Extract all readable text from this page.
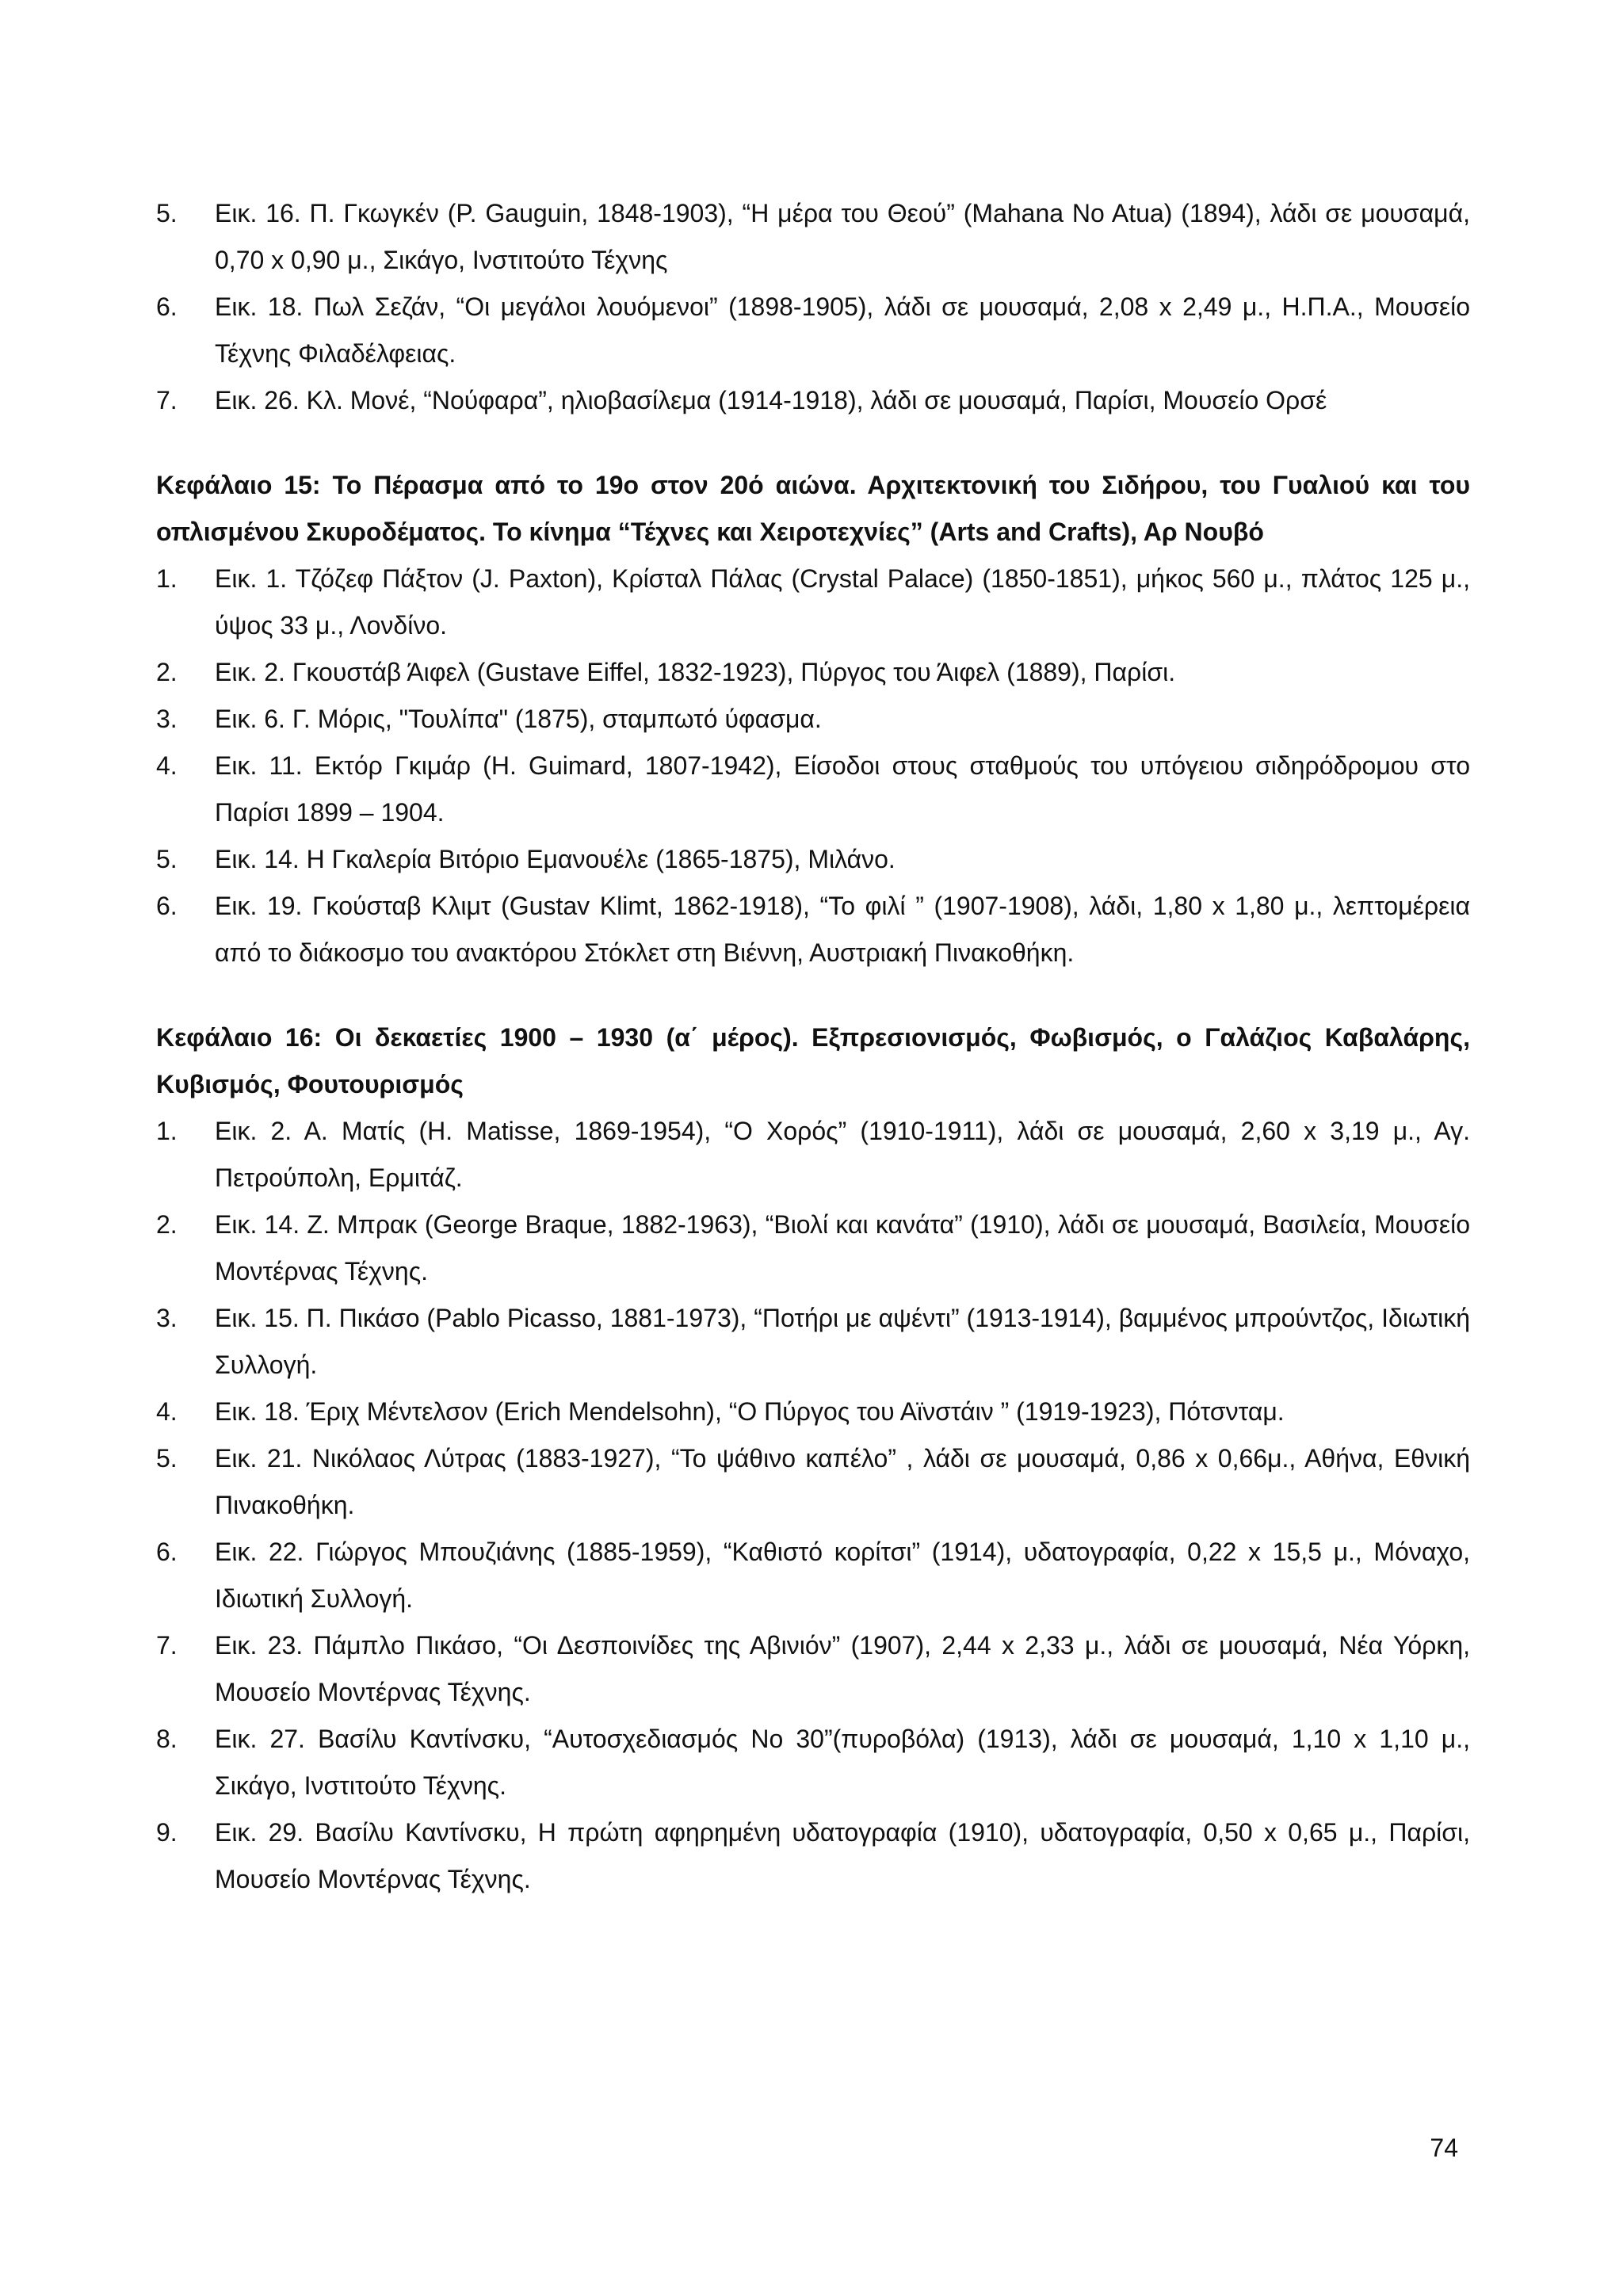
5.	Εικ. 16. Π. Γκωγκέν (P. Gauguin, 1848-1903), “Η μέρα του Θεού” (Mahana No Atua) (1894), λάδι σε μουσαμά, 0,70 x 0,90 μ., Σικάγο, Ινστιτούτο Τέχνης
6.	Εικ. 18. Πωλ Σεζάν, “Οι μεγάλοι λουόμενοι” (1898-1905), λάδι σε μουσαμά, 2,08 x 2,49 μ., Η.Π.Α., Μουσείο Τέχνης Φιλαδέλφειας.
7.	Εικ. 26. Κλ. Μονέ, “Νούφαρα”, ηλιοβασίλεμα (1914-1918), λάδι σε μουσαμά, Παρίσι, Μουσείο Ορσέ

Κεφάλαιο 15: Το Πέρασμα από το 19ο στον 20ό αιώνα. Αρχιτεκτονική του Σιδήρου, του Γυαλιού και του οπλισμένου Σκυροδέματος. Το κίνημα “Τέχνες και Χειροτεχνίες” (Arts and Crafts), Αρ Νουβό

1.	Εικ. 1. Τζόζεφ Πάξτον (J. Paxton), Κρίσταλ Πάλας (Crystal Palace) (1850-1851), μήκος 560 μ., πλάτος 125 μ., ύψος 33 μ., Λονδίνο.
2.	Εικ. 2. Γκουστάβ Άιφελ (Gustave Eiffel, 1832-1923), Πύργος του Άιφελ (1889), Παρίσι.
3.	Εικ. 6. Γ. Μόρις, "Τουλίπα" (1875), σταμπωτό ύφασμα.
4.	Εικ. 11. Εκτόρ Γκιμάρ (H. Guimard, 1807-1942), Είσοδοι στους σταθμούς του υπόγειου σιδηρόδρομου στο Παρίσι 1899 – 1904.
5.	Εικ. 14. Η Γκαλερία Βιτόριο Εμανουέλε (1865-1875), Μιλάνο.
6.	Εικ. 19. Γκούσταβ Κλιμτ (Gustav Klimt, 1862-1918), “Το φιλί ” (1907-1908), λάδι, 1,80 x 1,80 μ., λεπτομέρεια από το διάκοσμο του ανακτόρου Στόκλετ στη Βιέννη, Αυστριακή Πινακοθήκη.

Κεφάλαιο 16: Οι δεκαετίες 1900 – 1930 (α΄ μέρος). Εξπρεσιονισμός, Φωβισμός, ο Γαλάζιος Καβαλάρης, Κυβισμός, Φουτουρισμός

1.	Εικ. 2. Α. Ματίς (H. Matisse, 1869-1954), “Ο Χορός” (1910-1911), λάδι σε μουσαμά, 2,60 x 3,19 μ., Αγ. Πετρούπολη, Ερμιτάζ.
2.	Εικ. 14. Ζ. Μπρακ (George Braque, 1882-1963), “Βιολί και κανάτα” (1910), λάδι σε μουσαμά, Βασιλεία, Μουσείο Μοντέρνας Τέχνης.
3.	Εικ. 15. Π. Πικάσο (Pablo Picasso, 1881-1973), “Ποτήρι με αψέντι” (1913-1914), βαμμένος μπρούντζος, Ιδιωτική Συλλογή.
4.	Εικ. 18. Έριχ Μέντελσον (Erich Mendelsohn), “Ο Πύργος του Αϊνστάιν ” (1919-1923), Πότσνταμ.
5.	Εικ. 21. Νικόλαος Λύτρας (1883-1927), “Το ψάθινο καπέλο” , λάδι σε μουσαμά, 0,86 x 0,66μ., Αθήνα, Εθνική Πινακοθήκη.
6.	Εικ. 22. Γιώργος Μπουζιάνης (1885-1959), “Καθιστό κορίτσι” (1914), υδατογραφία, 0,22 x 15,5 μ., Μόναχο, Ιδιωτική Συλλογή.
7.	Εικ. 23. Πάμπλο Πικάσο, “Οι Δεσποινίδες της Αβινιόν” (1907), 2,44 x 2,33 μ., λάδι σε μουσαμά, Νέα Υόρκη, Μουσείο Μοντέρνας Τέχνης.
8.	Εικ. 27. Βασίλυ Καντίνσκυ, “Αυτοσχεδιασμός Νο 30”(πυροβόλα) (1913), λάδι σε μουσαμά, 1,10 x 1,10 μ., Σικάγο, Ινστιτούτο Τέχνης.
9.	Εικ. 29. Βασίλυ Καντίνσκυ, Η πρώτη αφηρημένη υδατογραφία (1910), υδατογραφία, 0,50 x 0,65 μ., Παρίσι, Μουσείο Μοντέρνας Τέχνης.
74
